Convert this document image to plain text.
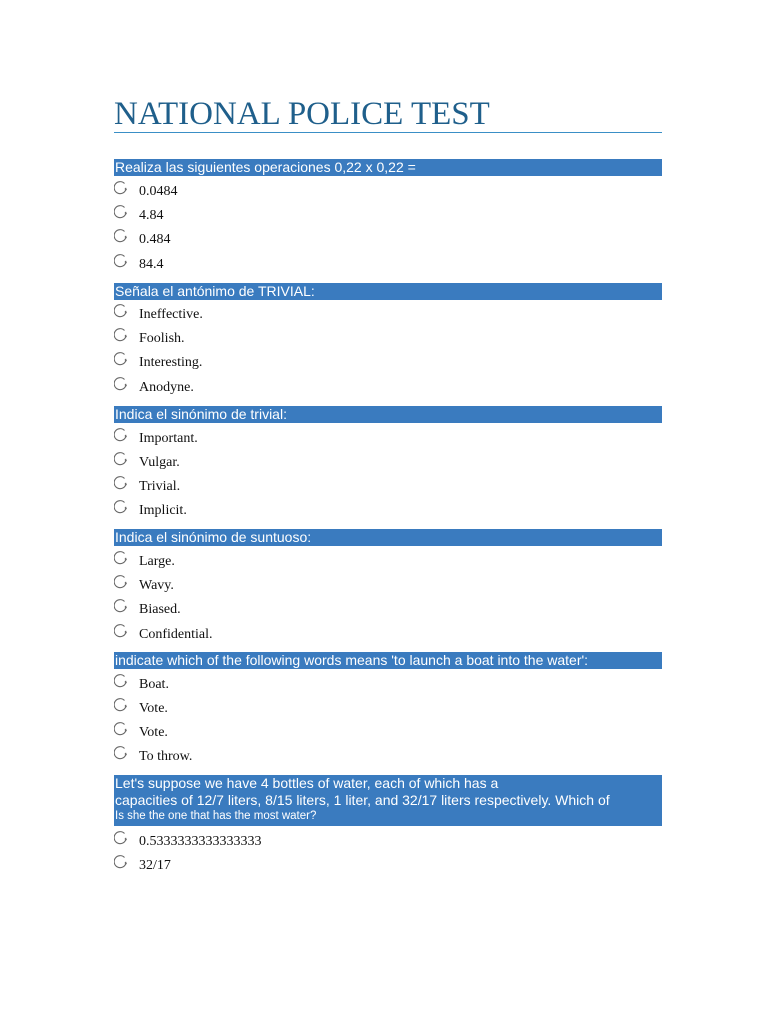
NATIONAL POLICE TEST
Realiza las siguientes operaciones 0,22 x 0,22 =
0.0484
4.84
0.484
84.4
Señala el antónimo de TRIVIAL:
Ineffective.
Foolish.
Interesting.
Anodyne.
Indica el sinónimo de trivial:
Important.
Vulgar.
Trivial.
Implicit.
Indica el sinónimo de suntuoso:
Large.
Wavy.
Biased.
Confidential.
indicate which of the following words means 'to launch a boat into the water':
Boat.
Vote.
Vote.
To throw.
Let's suppose we have 4 bottles of water, each of which has a
capacities of 12/7 liters, 8/15 liters, 1 liter, and 32/17 liters respectively. Which of
Is she the one that has the most water?
0.5333333333333333
32/17
